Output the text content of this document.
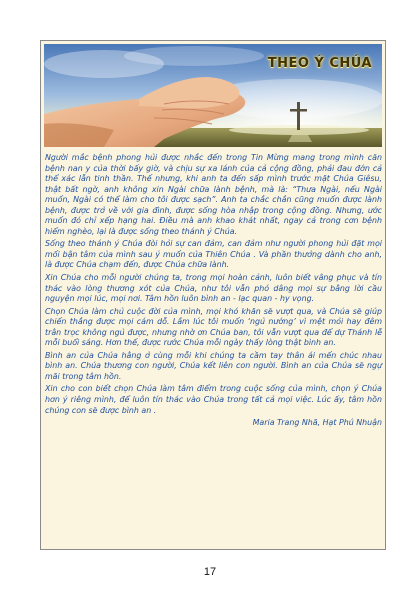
THEO Ý CHÚA

Người mắc bệnh phong hủi được nhắc đến trong Tin Mừng mang trong mình căn bệnh nan y của thời bấy giờ, và chịu sự xa lánh của cả cộng đồng, phải đau đớn cả thể xác lẫn tinh thần. Thế nhưng, khi anh ta đến sấp mình trước mặt Chúa Giêsu, thật bất ngờ, anh không xin Ngài chữa lành bệnh, mà là: “Thưa Ngài, nếu Ngài muốn, Ngài có thể làm cho tôi được sạch”. Anh ta chắc chắn cũng muốn được lành bệnh, được trở về với gia đình, được sống hòa nhập trong cộng đồng. Nhưng, ước muốn đó chỉ xếp hạng hai. Điều mà anh khao khát nhất, ngay cả trong cơn bệnh hiểm nghèo, lại là được sống theo thánh ý Chúa.

Sống theo thánh ý Chúa đòi hỏi sự can đảm, can đảm như người phong hủi đặt mọi mối bận tâm của mình sau ý muốn của Thiên Chúa . Và phần thưởng dành cho anh, là được Chúa chạm đến, được Chúa chữa lành.

Xin Chúa cho mỗi người chúng ta, trong mọi hoàn cảnh, luôn biết vâng phục và tín thác vào lòng thương xót của Chúa, như tôi vẫn phó dâng mọi sự bằng lời cầu nguyện mọi lúc, mọi nơi. Tâm hồn luôn bình an - lạc quan - hy vọng.

Chọn Chúa làm chủ cuộc đời của mình, mọi khó khăn sẽ vượt qua, và Chúa sẽ giúp chiến thắng được mọi cám dỗ. Lắm lúc tôi muốn ‘ngủ nướng’ vì mệt mỏi hay đêm trằn trọc không ngủ được, nhưng nhờ ơn Chúa ban, tôi vẫn vượt qua để dự Thánh lễ mỗi buổi sáng. Hơn thế, được rước Chúa mỗi ngày thấy lòng thật bình an.

Bình an của Chúa hằng ở cùng mỗi khi chúng ta cầm tay thân ái mến chúc nhau bình an. Chúa thương con người, Chúa kết liên con người. Bình an của Chúa sẽ ngự mãi trong tâm hồn.

Xin cho con biết chọn Chúa làm tâm điểm trong cuộc sống của mình, chọn ý Chúa hơn ý riêng mình, để luôn tín thác vào Chúa trong tất cả mọi việc. Lúc ấy, tâm hồn chúng con sẽ được bình an .

Maria Trang Nhã, Hạt Phú Nhuận

17
